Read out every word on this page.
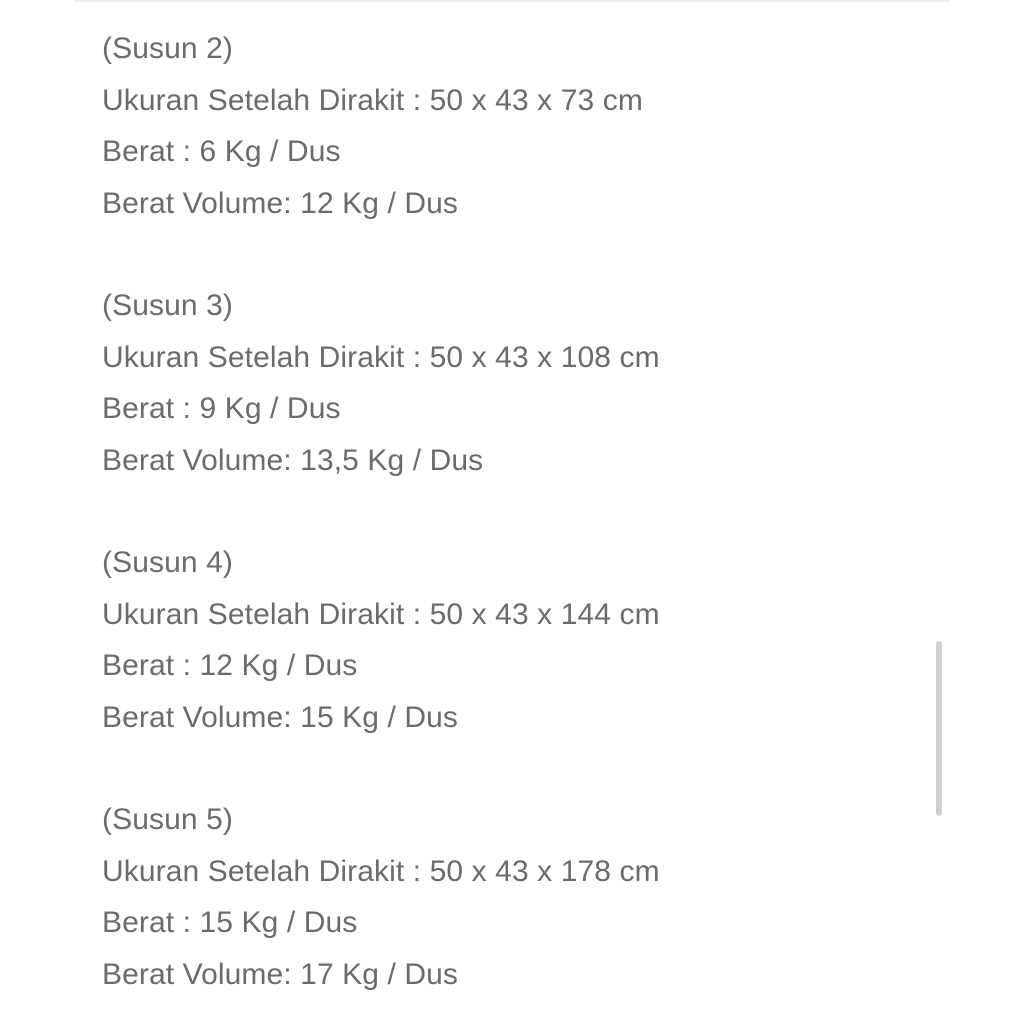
(Susun 2)
Ukuran Setelah Dirakit : 50 x 43 x 73 cm
Berat : 6 Kg / Dus
Berat Volume: 12 Kg / Dus
(Susun 3)
Ukuran Setelah Dirakit : 50 x 43 x 108 cm
Berat : 9 Kg / Dus
Berat Volume: 13,5 Kg / Dus
(Susun 4)
Ukuran Setelah Dirakit : 50 x 43 x 144 cm
Berat : 12 Kg / Dus
Berat Volume: 15 Kg / Dus
(Susun 5)
Ukuran Setelah Dirakit : 50 x 43 x 178 cm
Berat : 15 Kg / Dus
Berat Volume: 17 Kg / Dus
